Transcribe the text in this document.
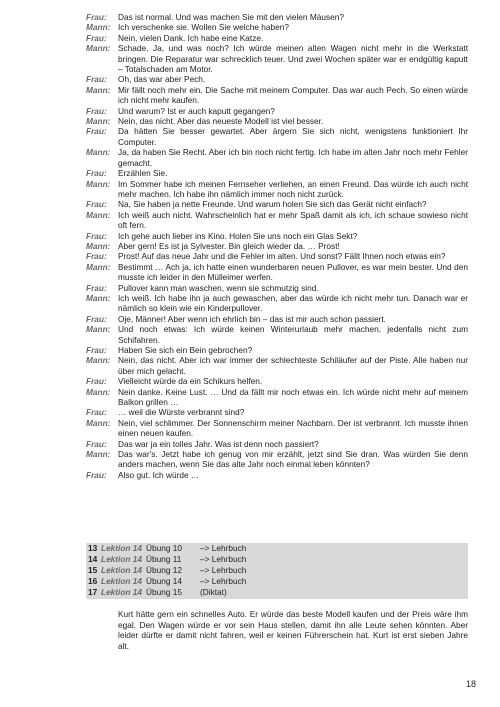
Frau: Das ist normal. Und was machen Sie mit den vielen Mäusen?

Mann: Ich verschenke sie. Wollen Sie welche haben?

Frau: Nein, vielen Dank. Ich habe eine Katze.

Mann: Schade. Ja, und was noch? Ich würde meinen alten Wagen nicht mehr in die Werkstatt bringen. Die Reparatur war schrecklich teuer. Und zwei Wochen später war er endgültig kaputt – Totalschaden am Motor.

Frau: Oh, das war aber Pech.

Mann: Mir fällt noch mehr ein. Die Sache mit meinem Computer. Das war auch Pech. So einen würde ich nicht mehr kaufen.

Frau: Und warum? Ist er auch kaputt gegangen?

Mann: Nein, das nicht. Aber das neueste Modell ist viel besser.

Frau: Da hätten Sie besser gewartet. Aber ärgern Sie sich nicht, wenigstens funktioniert Ihr Computer.

Mann: Ja, da haben Sie Recht. Aber ich bin noch nicht fertig. Ich habe im alten Jahr noch mehr Fehler gemacht.

Frau: Erzählen Sie.

Mann: Im Sommer habe ich meinen Fernseher verliehen, an einen Freund. Das würde ich auch nicht mehr machen. Ich habe ihn nämlich immer noch nicht zurück.

Frau: Na, Sie haben ja nette Freunde. Und warum holen Sie sich das Gerät nicht einfach?

Mann: Ich weiß auch nicht. Wahrscheinlich hat er mehr Spaß damit als ich, ich schaue sowieso nicht oft fern.

Frau: Ich gehe auch lieber ins Kino. Holen Sie uns noch ein Glas Sekt?

Mann: Aber gern! Es ist ja Sylvester. Bin gleich wieder da. … Prost!

Frau: Prost! Auf das neue Jahr und die Fehler im alten. Und sonst? Fällt Ihnen noch etwas ein?

Mann: Bestimmt … Ach ja, ich hatte einen wunderbaren neuen Pullover, es war mein bester. Und den musste ich leider in den Mülleimer werfen.

Frau: Pullover kann man waschen, wenn sie schmutzig sind.

Mann: Ich weiß. Ich habe ihn ja auch gewaschen, aber das würde ich nicht mehr tun. Danach war er nämlich so klein wie ein Kinderpullover.

Frau: Oje, Männer! Aber wenn ich ehrlich bin – das ist mir auch schon passiert.

Mann: Und noch etwas: Ich würde keinen Winterurlaub mehr machen, jedenfalls nicht zum Schifahren.

Frau: Haben Sie sich ein Bein gebrochen?

Mann: Nein, das nicht. Aber ich war immer der schlechteste Schiläufer auf der Piste. Alle haben nur über mich gelacht.

Frau: Vielleicht würde da ein Schikurs helfen.

Mann: Nein danke. Keine Lust. … Und da fällt mir noch etwas ein. Ich würde nicht mehr auf meinem Balkon grillen …

Frau: … weil die Würste verbrannt sind?

Mann: Nein, viel schlimmer. Der Sonnenschirm meiner Nachbarn. Der ist verbrannt. Ich musste ihnen einen neuen kaufen.

Frau: Das war ja ein tolles Jahr. Was ist denn noch passiert?

Mann: Das war's. Jetzt habe ich genug von mir erzählt, jetzt sind Sie dran. Was würden Sie denn anders machen, wenn Sie das alte Jahr noch einmal leben könnten?

Frau: Also gut. Ich würde …

13 Lektion 14 Übung 10 –> Lehrbuch
14 Lektion 14 Übung 11 –> Lehrbuch
15 Lektion 14 Übung 12 –> Lehrbuch
16 Lektion 14 Übung 14 –> Lehrbuch
17 Lektion 14 Übung 15 (Diktat)

Kurt hätte gern ein schnelles Auto. Er würde das beste Modell kaufen und der Preis wäre ihm egal. Den Wagen würde er vor sein Haus stellen, damit ihn alle Leute sehen könnten. Aber leider dürfte er damit nicht fahren, weil er keinen Führerschein hat. Kurt ist erst sieben Jahre alt.

18
